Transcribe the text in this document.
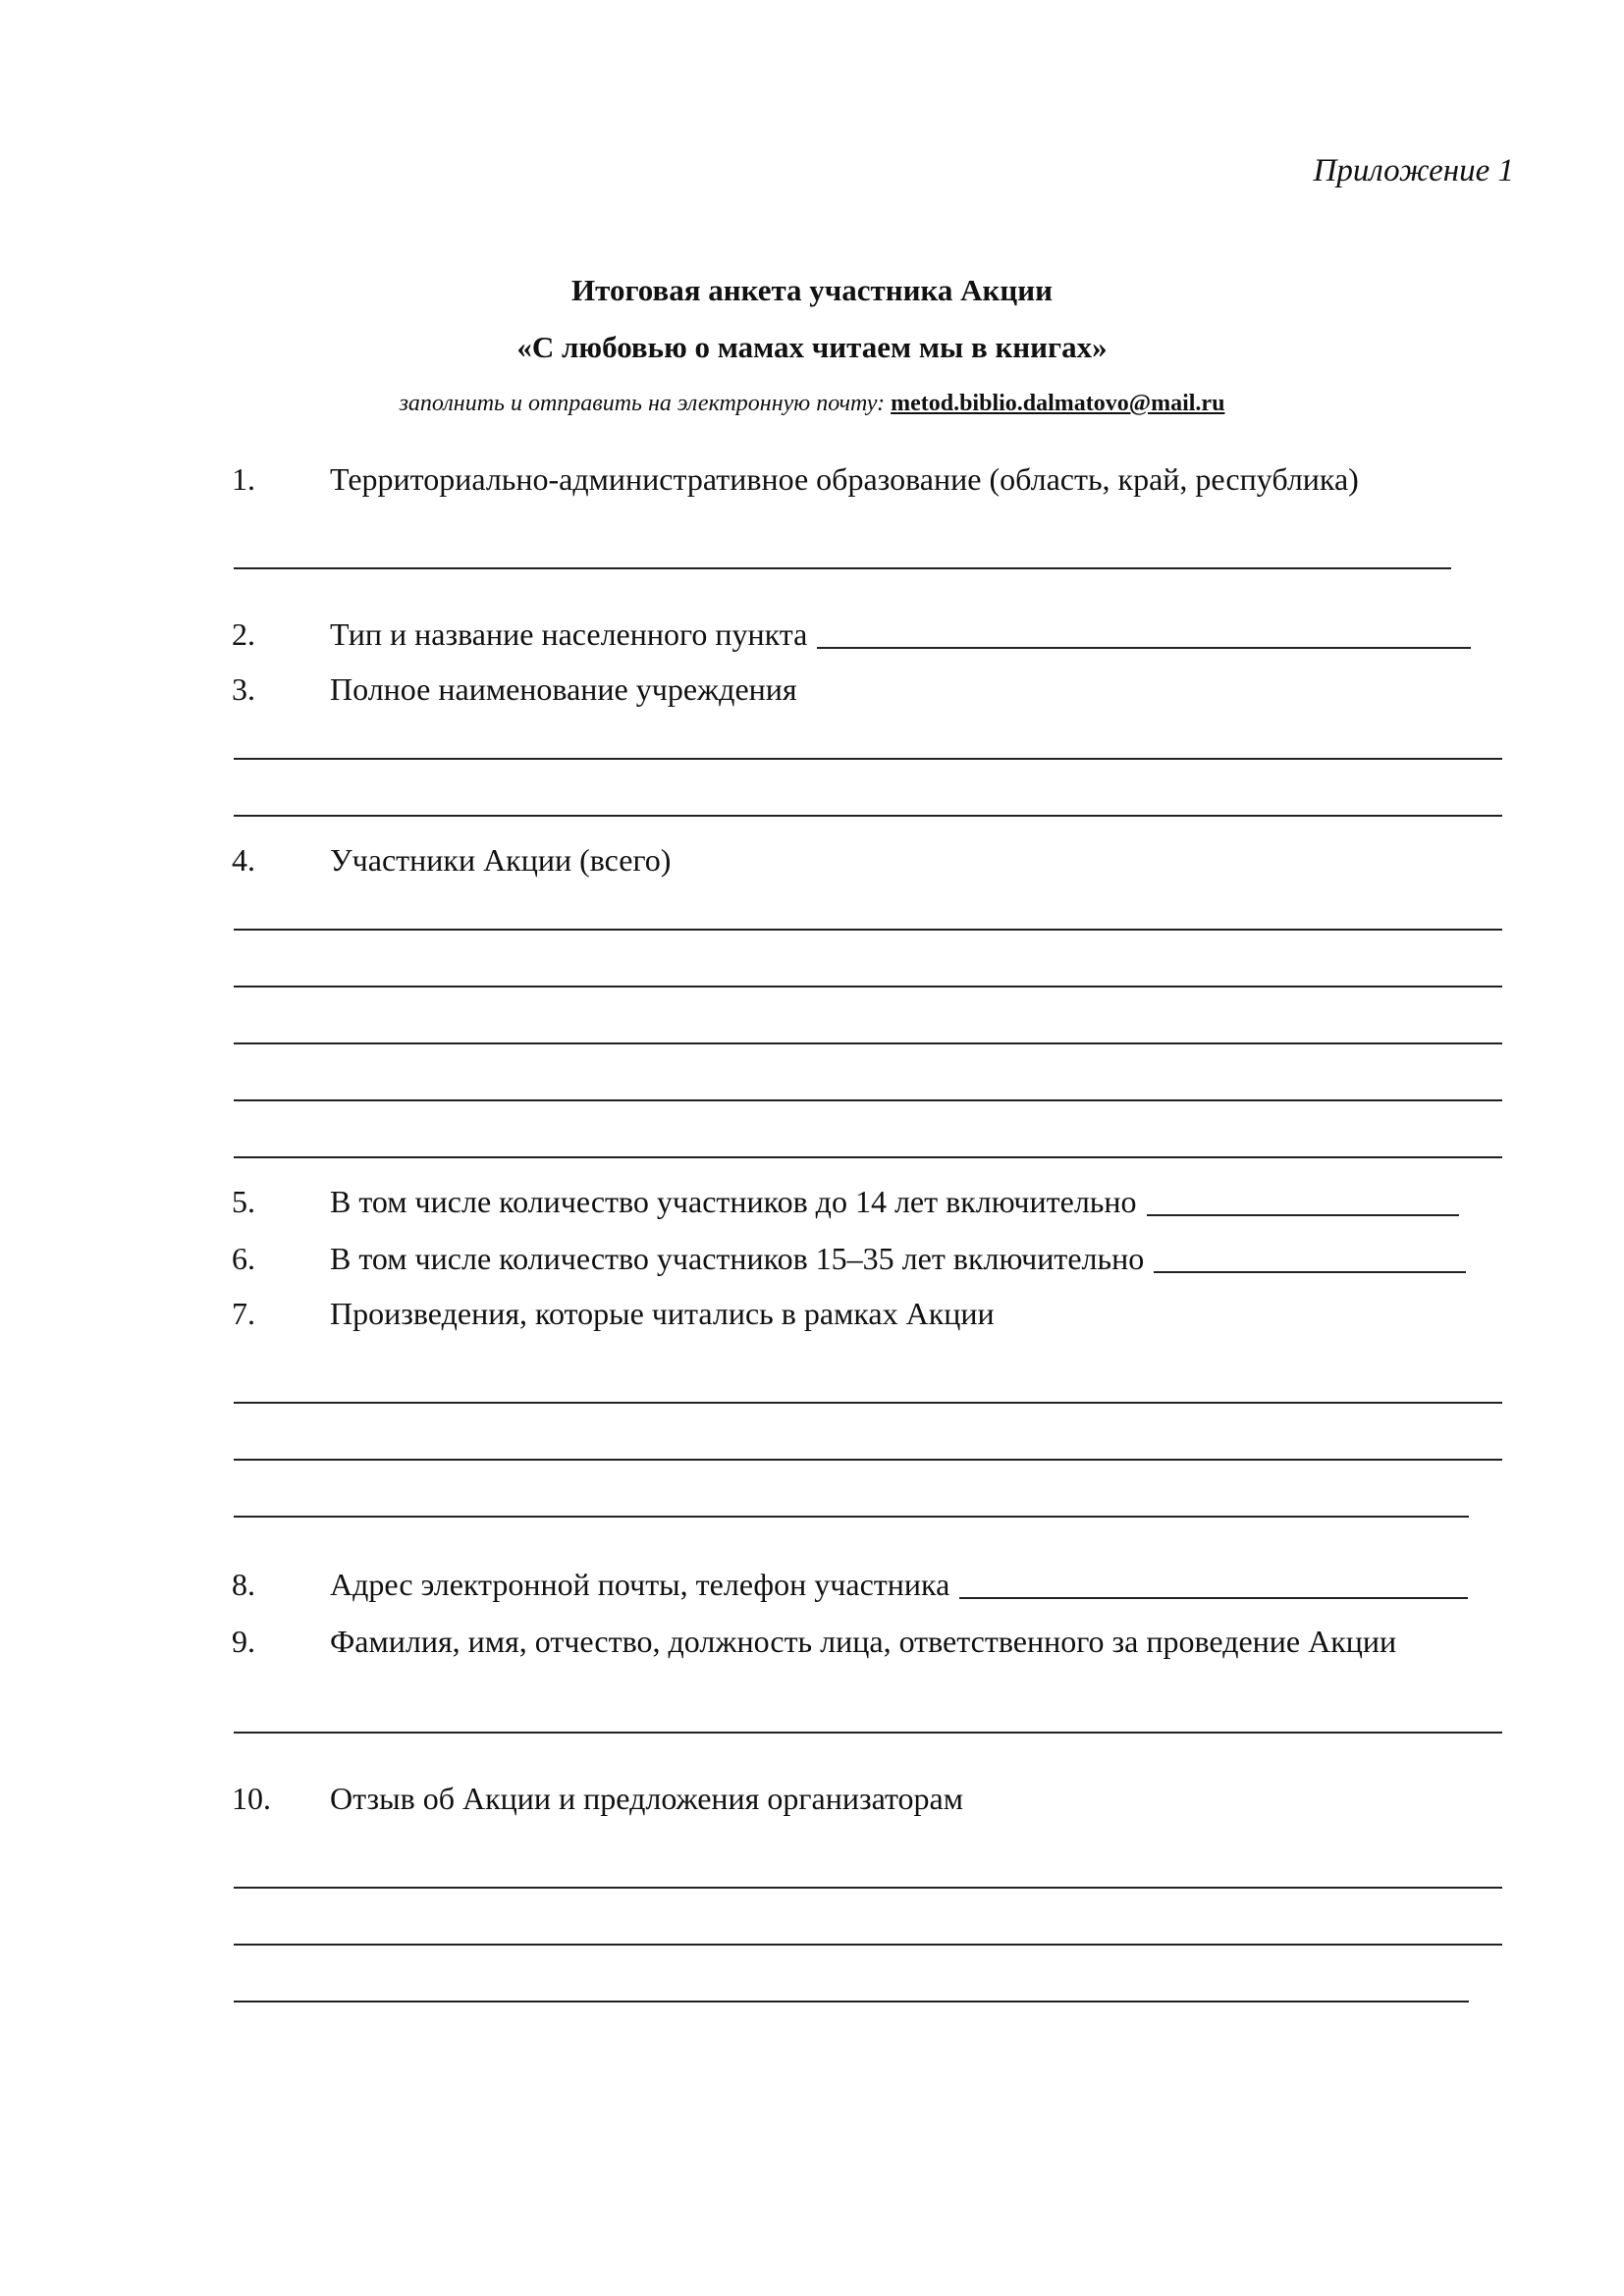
Приложение 1
Итоговая анкета участника Акции
«С любовью о мамах читаем мы в книгах»
заполнить и отправить на электронную почту: metod.biblio.dalmatovo@mail.ru
1. Территориально-административное образование (область, край, республика)
2. Тип и название населенного пункта
3. Полное наименование учреждения
4. Участники Акции (всего)
5. В том числе количество участников до 14 лет включительно
6. В том числе количество участников 15–35 лет включительно
7. Произведения, которые читались в рамках Акции
8. Адрес электронной почты, телефон участника
9. Фамилия, имя, отчество, должность лица, ответственного за проведение Акции
10. Отзыв об Акции и предложения организаторам
